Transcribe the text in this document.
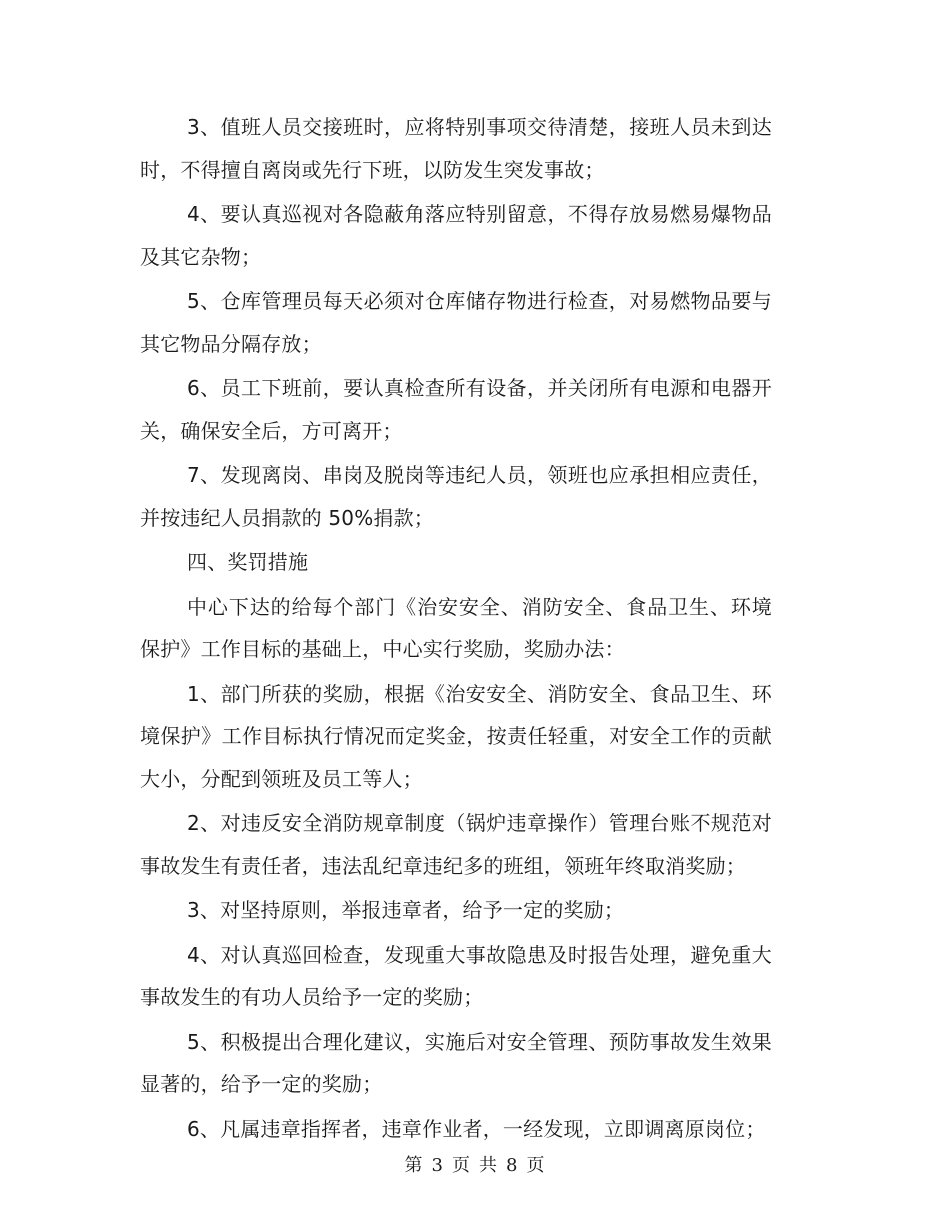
3、值班人员交接班时，应将特别事项交待清楚，接班人员未到达时，不得擅自离岗或先行下班，以防发生突发事故；

4、要认真巡视对各隐蔽角落应特别留意，不得存放易燃易爆物品及其它杂物；

5、仓库管理员每天必须对仓库储存物进行检查，对易燃物品要与其它物品分隔存放；

6、员工下班前，要认真检查所有设备，并关闭所有电源和电器开关，确保安全后，方可离开；

7、发现离岗、串岗及脱岗等违纪人员，领班也应承担相应责任，并按违纪人员捐款的 50%捐款；

四、奖罚措施

中心下达的给每个部门《治安安全、消防安全、食品卫生、环境保护》工作目标的基础上，中心实行奖励，奖励办法：

1、部门所获的奖励，根据《治安安全、消防安全、食品卫生、环境保护》工作目标执行情况而定奖金，按责任轻重，对安全工作的贡献大小，分配到领班及员工等人；

2、对违反安全消防规章制度（锅炉违章操作）管理台账不规范对事故发生有责任者，违法乱纪章违纪多的班组，领班年终取消奖励；

3、对坚持原则，举报违章者，给予一定的奖励；

4、对认真巡回检查，发现重大事故隐患及时报告处理，避免重大事故发生的有功人员给予一定的奖励；

5、积极提出合理化建议，实施后对安全管理、预防事故发生效果显著的，给予一定的奖励；

6、凡属违章指挥者，违章作业者，一经发现，立即调离原岗位；

第 3 页 共 8 页
